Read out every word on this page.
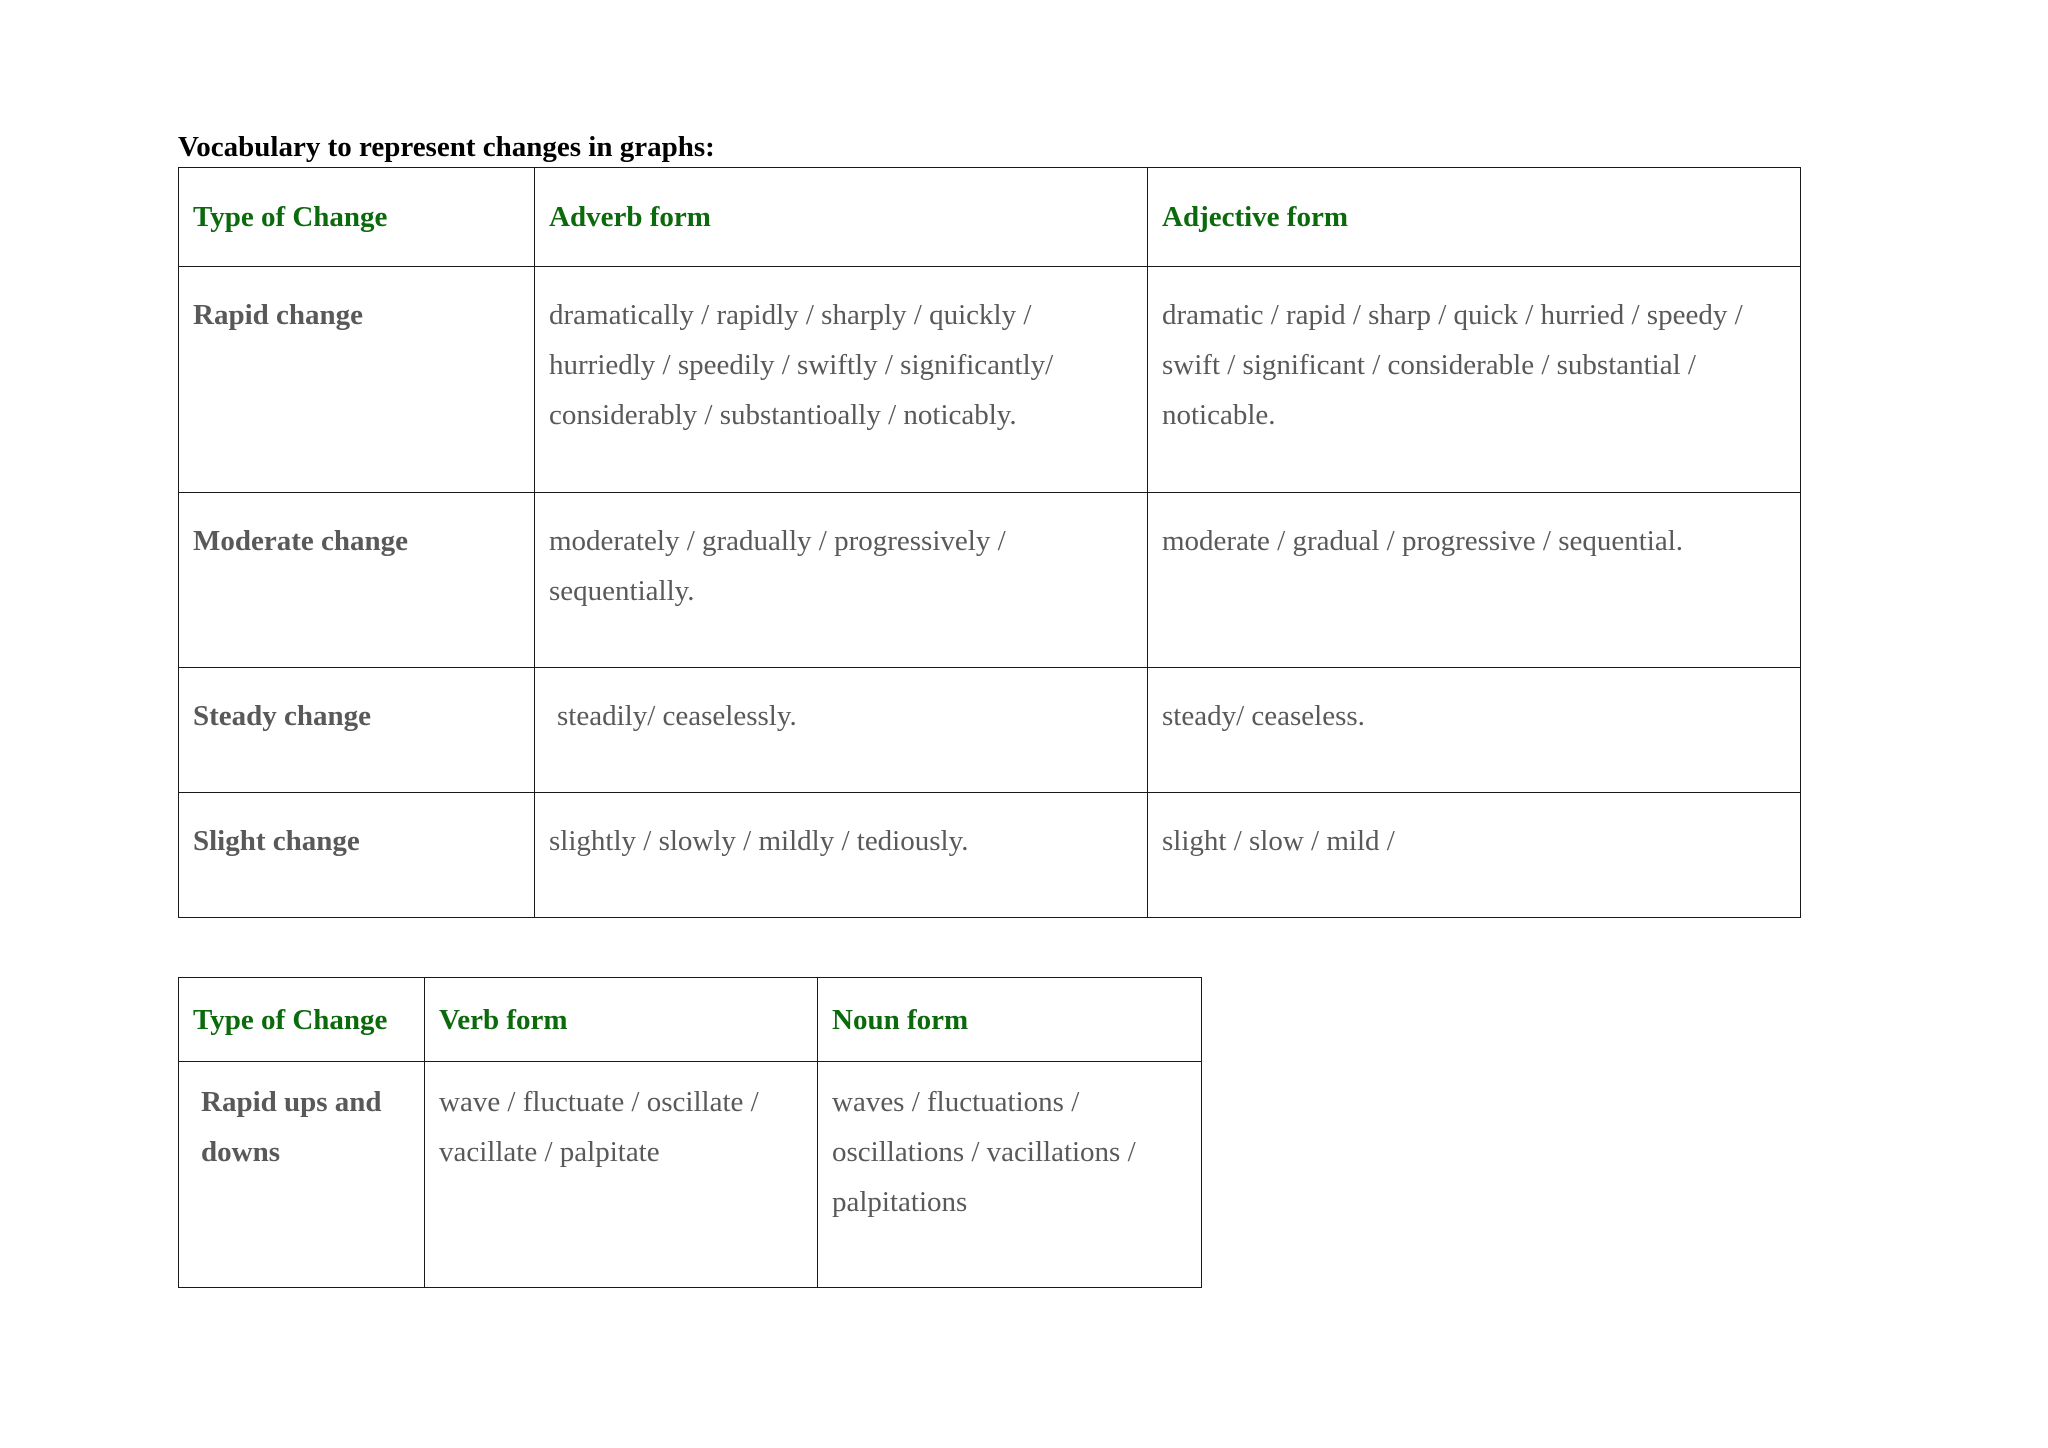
Vocabulary to represent changes in graphs:
Type of Change	Adverb form	Adjective form
Rapid change	dramatically / rapidly / sharply / quickly / hurriedly / speedily / swiftly / significantly/ considerably / substantioally / noticably.	dramatic / rapid / sharp / quick / hurried / speedy / swift / significant / considerable / substantial / noticable.
Moderate change	moderately / gradually / progressively / sequentially.	moderate / gradual / progressive / sequential.
Steady change	steadily/ ceaselessly.	steady/ ceaseless.
Slight change	slightly / slowly / mildly / tediously.	slight / slow / mild /
Type of Change	Verb form	Noun form
Rapid ups and downs	wave / fluctuate / oscillate / vacillate / palpitate	waves / fluctuations / oscillations / vacillations / palpitations
